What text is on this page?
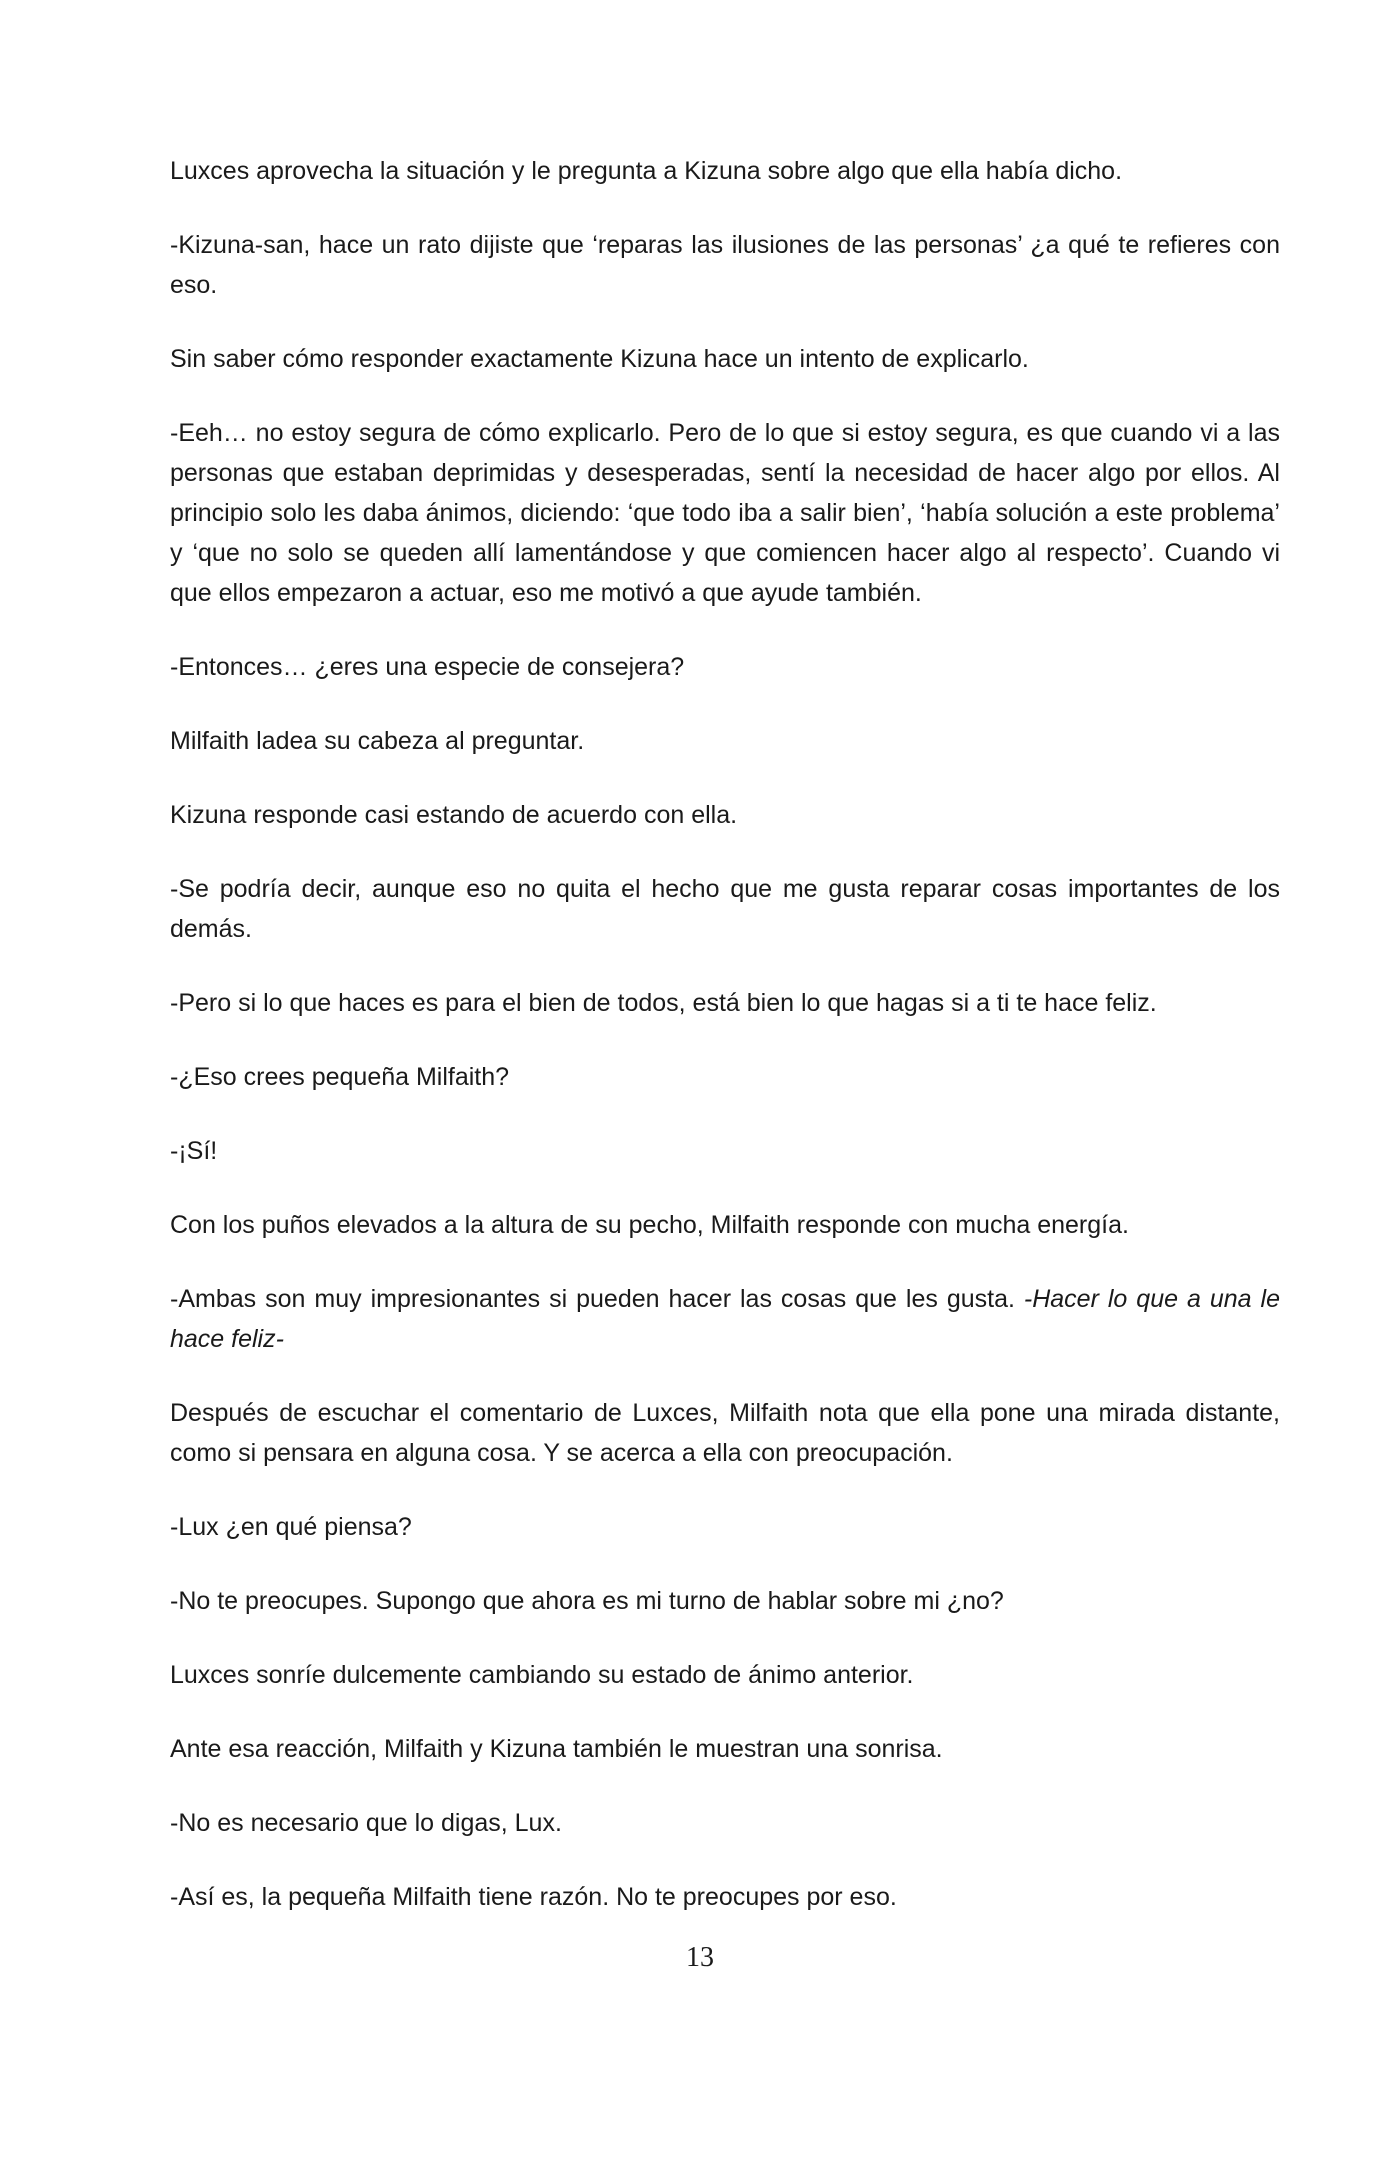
Luxces aprovecha la situación y le pregunta a Kizuna sobre algo que ella había dicho.

-Kizuna-san, hace un rato dijiste que ‘reparas las ilusiones de las personas’ ¿a qué te refieres con eso.

Sin saber cómo responder exactamente Kizuna hace un intento de explicarlo.

-Eeh… no estoy segura de cómo explicarlo. Pero de lo que si estoy segura, es que cuando vi a las personas que estaban deprimidas y desesperadas, sentí la necesidad de hacer algo por ellos. Al principio solo les daba ánimos, diciendo: ‘que todo iba a salir bien’, ‘había solución a este problema’ y ‘que no solo se queden allí lamentándose y que comiencen hacer algo al respecto’. Cuando vi que ellos empezaron a actuar, eso me motivó a que ayude también.

-Entonces… ¿eres una especie de consejera?

Milfaith ladea su cabeza al preguntar.

Kizuna responde casi estando de acuerdo con ella.

-Se podría decir, aunque eso no quita el hecho que me gusta reparar cosas importantes de los demás.

-Pero si lo que haces es para el bien de todos, está bien lo que hagas si a ti te hace feliz.

-¿Eso crees pequeña Milfaith?

-¡Sí!

Con los puños elevados a la altura de su pecho, Milfaith responde con mucha energía.

-Ambas son muy impresionantes si pueden hacer las cosas que les gusta. -Hacer lo que a una le hace feliz-

Después de escuchar el comentario de Luxces, Milfaith nota que ella pone una mirada distante, como si pensara en alguna cosa. Y se acerca a ella con preocupación.

-Lux ¿en qué piensa?

-No te preocupes. Supongo que ahora es mi turno de hablar sobre mi ¿no?

Luxces sonríe dulcemente cambiando su estado de ánimo anterior.

Ante esa reacción, Milfaith y Kizuna también le muestran una sonrisa.

-No es necesario que lo digas, Lux.

-Así es, la pequeña Milfaith tiene razón. No te preocupes por eso.

13
